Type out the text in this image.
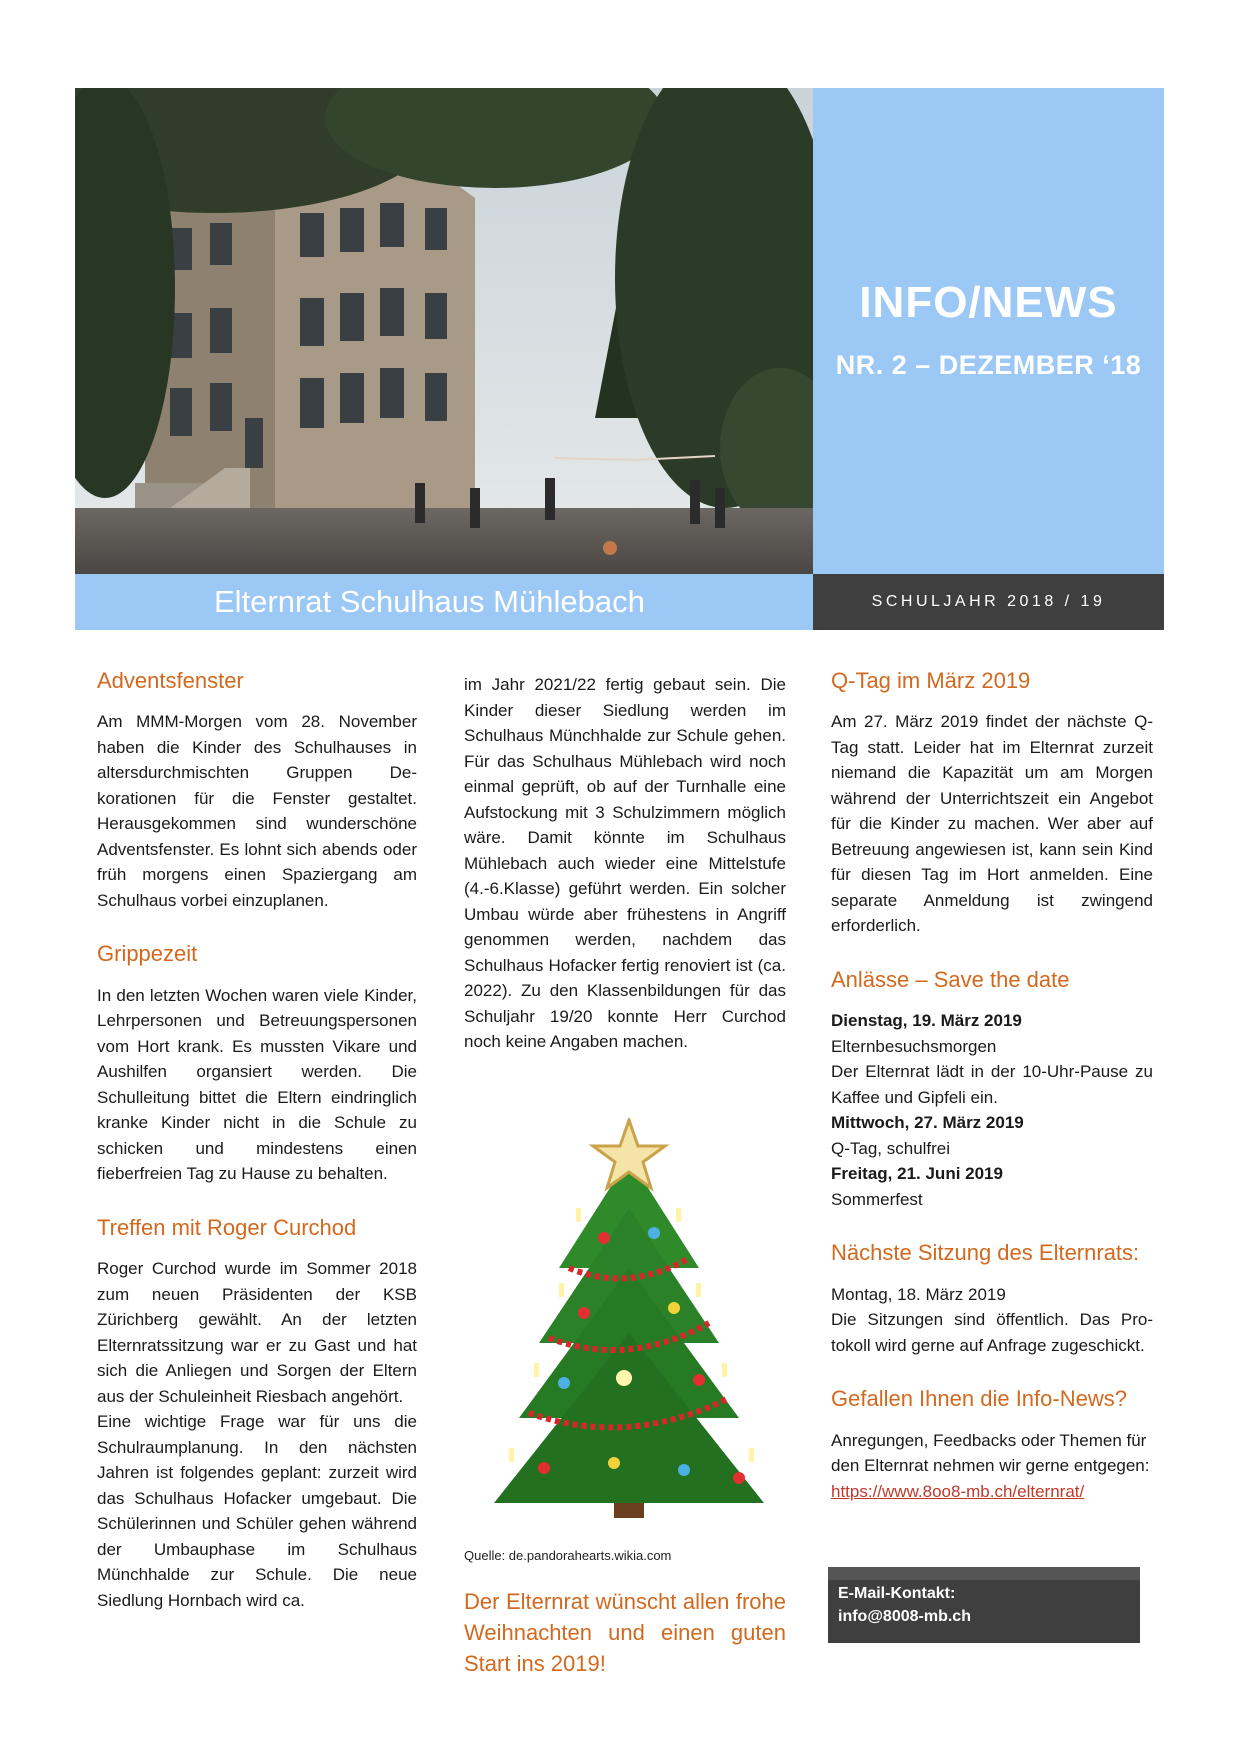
INFO/NEWS
NR. 2 – DEZEMBER ‘18
Elternrat Schulhaus Mühlebach	SCHULJAHR 2018 / 19
Adventsfenster

Am MMM-Morgen vom 28. November haben die Kinder des Schulhauses in altersdurchmischten Gruppen Dekorationen für die Fenster gestaltet. Herausgekommen sind wunderschöne Adventsfenster. Es lohnt sich abends oder früh morgens einen Spaziergang am Schulhaus vorbei einzuplanen.

Grippezeit

In den letzten Wochen waren viele Kinder, Lehrpersonen und Betreuungspersonen vom Hort krank. Es mussten Vikare und Aushilfen organsiert werden. Die Schulleitung bittet die Eltern eindringlich kranke Kinder nicht in die Schule zu schicken und mindestens einen fieberfreien Tag zu Hause zu behalten.

Treffen mit Roger Curchod

Roger Curchod wurde im Sommer 2018 zum neuen Präsidenten der KSB Zürichberg gewählt. An der letzten Elternratssitzung war er zu Gast und hat sich die Anliegen und Sorgen der Eltern aus der Schuleinheit Riesbach angehört.

Eine wichtige Frage war für uns die Schulraumplanung. In den nächsten Jahren ist folgendes geplant: zurzeit wird das Schulhaus Hofacker umgebaut. Die Schülerinnen und Schüler gehen während der Umbauphase im Schulhaus Münchhalde zur Schule. Die neue Siedlung Hornbach wird ca.

im Jahr 2021/22 fertig gebaut sein. Die Kinder dieser Siedlung werden im Schulhaus Münchhalde zur Schule gehen. Für das Schulhaus Mühlebach wird noch einmal geprüft, ob auf der Turnhalle eine Aufstockung mit 3 Schulzimmern möglich wäre. Damit könnte im Schulhaus Mühlebach auch wieder eine Mittelstufe (4.-6.Klasse) geführt werden. Ein solcher Umbau würde aber frühestens in Angriff genommen werden, nachdem das Schulhaus Hofacker fertig renoviert ist (ca. 2022). Zu den Klassenbildungen für das Schuljahr 19/20 konnte Herr Curchod noch keine Angaben machen.

Quelle: de.pandorahearts.wikia.com
Der Elternrat wünscht allen frohe Weihnachten und einen guten Start ins 2019!
Q-Tag im März 2019

Am 27. März 2019 findet der nächste Q-Tag statt. Leider hat im Elternrat zurzeit niemand die Kapazität um am Morgen während der Unterrichtszeit ein Angebot für die Kinder zu machen. Wer aber auf Betreuung angewiesen ist, kann sein Kind für diesen Tag im Hort anmelden. Eine separate Anmeldung ist zwingend erforderlich.

Anlässe – Save the date

Dienstag, 19. März 2019
Elternbesuchsmorgen

Der Elternrat lädt in der 10-Uhr-Pause zu Kaffee und Gipfeli ein.
Mittwoch, 27. März 2019
Q-Tag, schulfrei
Freitag, 21. Juni 2019
Sommerfest

Nächste Sitzung des Elternrats:

Montag, 18. März 2019

Die Sitzungen sind öffentlich. Das Protokoll wird gerne auf Anfrage zugeschickt.

Gefallen Ihnen die Info-News?

Anregungen, Feedbacks oder Themen für den Elternrat nehmen wir gerne entgegen: https://www.8oo8-mb.ch/elternrat/

E-Mail-Kontakt:
info@8008-mb.ch
